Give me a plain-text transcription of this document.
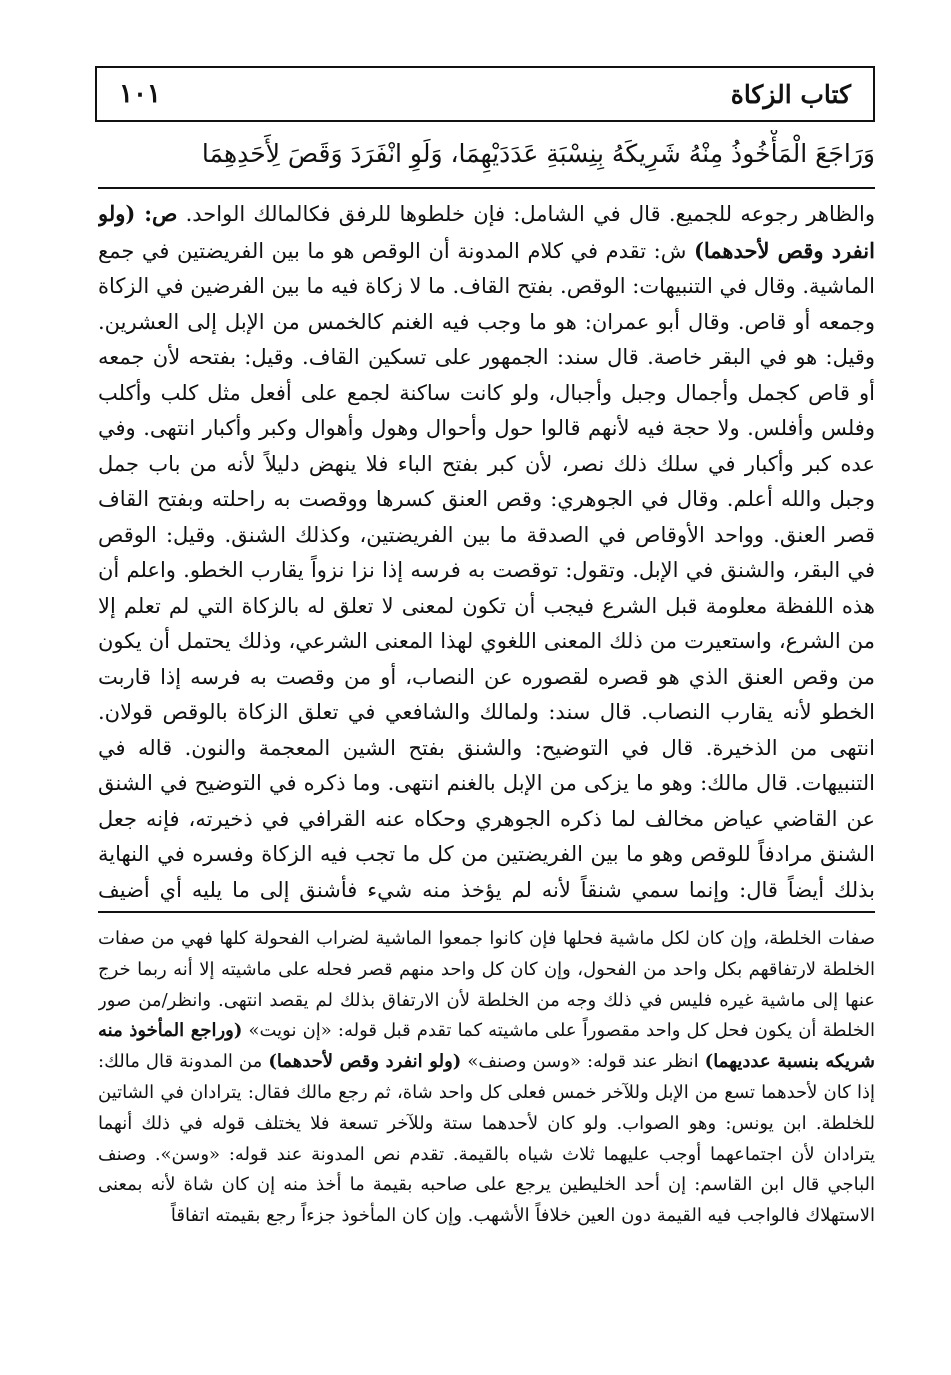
كتاب الزكاة
١٠١
وَرَاجَعَ الْمَأْخُوذُ مِنْهُ شَرِيكَهُ بِنِسْبَةِ عَدَدَيْهِمَا، وَلَوِ انْفَرَدَ وَقَصَ لِأَحَدِهِمَا

والظاهر رجوعه للجميع. قال في الشامل: فإن خلطوها للرفق فكالمالك الواحد. ص: (ولو انفرد وقص لأحدهما) ش: تقدم في كلام المدونة أن الوقص هو ما بين الفريضتين في جمع الماشية. وقال في التنبيهات: الوقص. بفتح القاف. ما لا زكاة فيه ما بين الفرضين في الزكاة وجمعه أو قاص. وقال أبو عمران: هو ما وجب فيه الغنم كالخمس من الإبل إلى العشرين. وقيل: هو في البقر خاصة. قال سند: الجمهور على تسكين القاف. وقيل: بفتحه لأن جمعه أو قاص كجمل وأجمال وجبل وأجبال، ولو كانت ساكنة لجمع على أفعل مثل كلب وأكلب وفلس وأفلس. ولا حجة فيه لأنهم قالوا حول وأحوال وهول وأهوال وكبر وأكبار انتهى. وفي عده كبر وأكبار في سلك ذلك نصر، لأن كبر بفتح الباء فلا ينهض دليلاً لأنه من باب جمل وجبل والله أعلم. وقال في الجوهري: وقص العنق كسرها ووقصت به راحلته وبفتح القاف قصر العنق. وواحد الأوقاص في الصدقة ما بين الفريضتين، وكذلك الشنق. وقيل: الوقص في البقر، والشنق في الإبل. وتقول: توقصت به فرسه إذا نزا نزواً يقارب الخطو. واعلم أن هذه اللفظة معلومة قبل الشرع فيجب أن تكون لمعنى لا تعلق له بالزكاة التي لم تعلم إلا من الشرع، واستعيرت من ذلك المعنى اللغوي لهذا المعنى الشرعي، وذلك يحتمل أن يكون من وقص العنق الذي هو قصره لقصوره عن النصاب، أو من وقصت به فرسه إذا قاربت الخطو لأنه يقارب النصاب. قال سند: ولمالك والشافعي في تعلق الزكاة بالوقص قولان. انتهى من الذخيرة. قال في التوضيح: والشنق بفتح الشين المعجمة والنون. قاله في التنبيهات. قال مالك: وهو ما يزكى من الإبل بالغنم انتهى. وما ذكره في التوضيح في الشنق عن القاضي عياض مخالف لما ذكره الجوهري وحكاه عنه القرافي في ذخيرته، فإنه جعل الشنق مرادفاً للوقص وهو ما بين الفريضتين من كل ما تجب فيه الزكاة وفسره في النهاية بذلك أيضاً قال: وإنما سمي شنقاً لأنه لم يؤخذ منه شيء فأشنق إلى ما يليه أي أضيف

صفات الخلطة، وإن كان لكل ماشية فحلها فإن كانوا جمعوا الماشية لضراب الفحولة كلها فهي من صفات الخلطة لارتفاقهم بكل واحد من الفحول، وإن كان كل واحد منهم قصر فحله على ماشيته إلا أنه ربما خرج عنها إلى ماشية غيره فليس في ذلك وجه من الخلطة لأن الارتفاق بذلك لم يقصد انتهى. وانظر/من صور الخلطة أن يكون فحل كل واحد مقصوراً على ماشيته كما تقدم قبل قوله: «إن نويت» (وراجع المأخوذ منه شريكه بنسبة عدديهما) انظر عند قوله: «وسن وصنف» (ولو انفرد وقص لأحدهما) من المدونة قال مالك: إذا كان لأحدهما تسع من الإبل وللآخر خمس فعلى كل واحد شاة، ثم رجع مالك فقال: يترادان في الشاتين للخلطة. ابن يونس: وهو الصواب. ولو كان لأحدهما ستة وللآخر تسعة فلا يختلف قوله في ذلك أنهما يترادان لأن اجتماعهما أوجب عليهما ثلاث شياه بالقيمة. تقدم نص المدونة عند قوله: «وسن». وصنف الباجي قال ابن القاسم: إن أحد الخليطين يرجع على صاحبه بقيمة ما أخذ منه إن كان شاة لأنه بمعنى الاستهلاك فالواجب فيه القيمة دون العين خلافاً الأشهب. وإن كان المأخوذ جزءاً رجع بقيمته اتفاقاً
